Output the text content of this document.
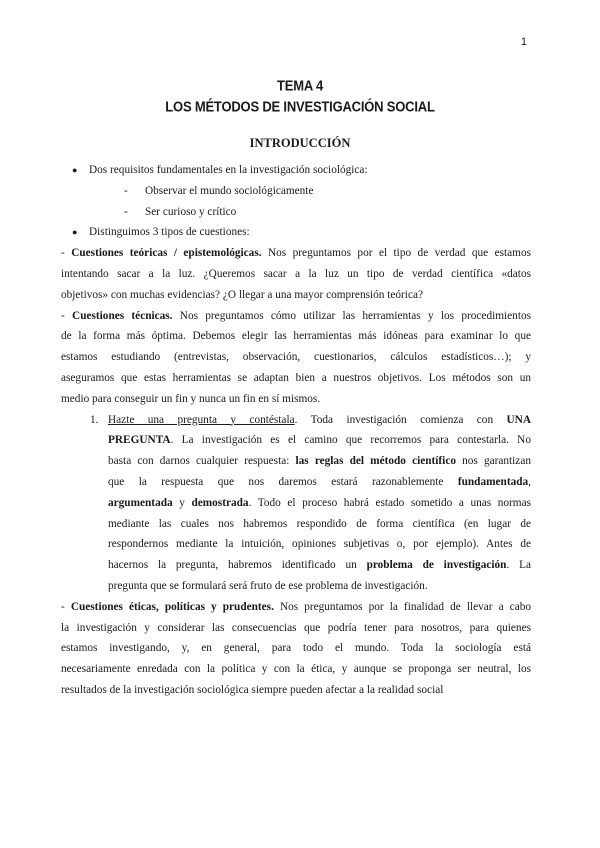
1
TEMA 4
LOS MÉTODOS DE INVESTIGACIÓN SOCIAL
INTRODUCCIÓN
● Dos requisitos fundamentales en la investigación sociológica:
- Observar el mundo sociológicamente
- Ser curioso y crítico
● Distinguimos 3 tipos de cuestiones:
- Cuestiones teóricas / epistemológicas. Nos preguntamos por el tipo de verdad que estamos
intentando sacar a la luz. ¿Queremos sacar a la luz un tipo de verdad científica «datos
objetivos» con muchas evidencias? ¿O llegar a una mayor comprensión teórica?
- Cuestiones técnicas. Nos preguntamos cómo utilizar las herramientas y los procedimientos
de la forma más óptima. Debemos elegir las herramientas más idóneas para examinar lo que
estamos estudiando (entrevistas, observación, cuestionarios, cálculos estadísticos…); y
aseguramos que estas herramientas se adaptan bien a nuestros objetivos. Los métodos son un
medio para conseguir un fin y nunca un fin en sí mismos.
1. Hazte una pregunta y contéstala. Toda investigación comienza con UNA
PREGUNTA. La investigación es el camino que recorremos para contestarla. No
basta con darnos cualquier respuesta: las reglas del método científico nos garantizan
que la respuesta que nos daremos estará razonablemente fundamentada,
argumentada y demostrada. Todo el proceso habrá estado sometido a unas normas
mediante las cuales nos habremos respondido de forma científica (en lugar de
respondernos mediante la intuición, opiniones subjetivas o, por ejemplo). Antes de
hacernos la pregunta, habremos identificado un problema de investigación. La
pregunta que se formulará será fruto de ese problema de investigación.
- Cuestiones éticas, políticas y prudentes. Nos preguntamos por la finalidad de llevar a cabo
la investigación y considerar las consecuencias que podría tener para nosotros, para quienes
estamos investigando, y, en general, para todo el mundo. Toda la sociología está
necesariamente enredada con la política y con la ética, y aunque se proponga ser neutral, los
resultados de la investigación sociológica siempre pueden afectar a la realidad social
